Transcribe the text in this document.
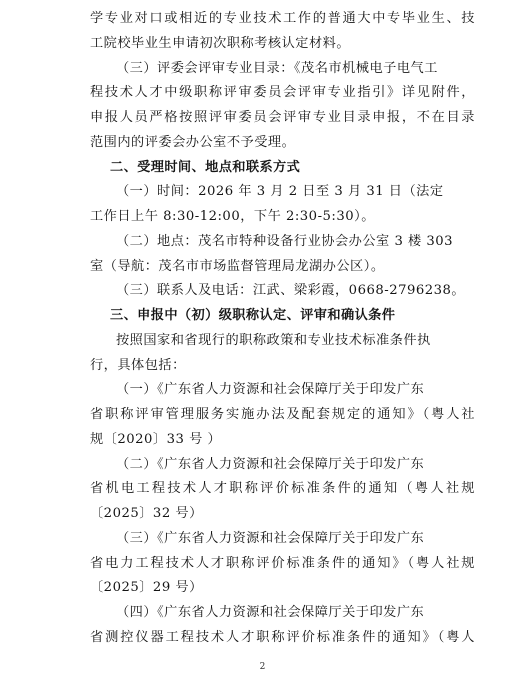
学专业对口或相近的专业技术工作的普通大中专毕业生、技
工院校毕业生申请初次职称考核认定材料。
（三）评委会评审专业目录：《茂名市机械电子电气工
程技术人才中级职称评审委员会评审专业指引》详见附件，
申报人员严格按照评审委员会评审专业目录申报，不在目录
范围内的评委会办公室不予受理。
二、受理时间、地点和联系方式
（一）时间：2026 年 3 月 2 日至 3 月 31 日（法定
工作日上午 8:30-12:00，下午 2:30-5:30）。
（二）地点：茂名市特种设备行业协会办公室 3 楼 303
室（导航：茂名市市场监督管理局龙湖办公区）。
（三）联系人及电话：江武、梁彩霞，0668-2796238。
三、申报中（初）级职称认定、评审和确认条件
按照国家和省现行的职称政策和专业技术标准条件执
行，具体包括：
（一）《广东省人力资源和社会保障厅关于印发广东
省职称评审管理服务实施办法及配套规定的通知》（粤人社
规〔2020〕33 号 ）
（二）《广东省人力资源和社会保障厅关于印发广东
省机电工程技术人才职称评价标准条件的通知（粤人社规
〔2025〕32 号）
（三）《广东省人力资源和社会保障厅关于印发广东
省电力工程技术人才职称评价标准条件的通知》（粤人社规
〔2025〕29 号）
（四）《广东省人力资源和社会保障厅关于印发广东
省测控仪器工程技术人才职称评价标准条件的通知》（粤人
2
